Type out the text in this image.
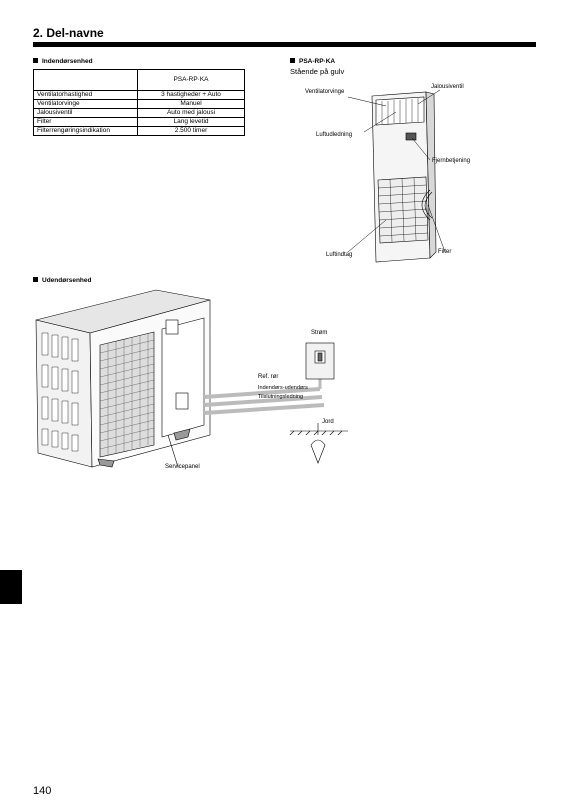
2. Del-navne
Indendørsenhed
	PSA-RP·KA
Ventilatorhastighed	3 hastigheder + Auto
Ventilatorvinge	Manuel
Jalousiventil	Auto med jalousi
Filter	Lang levetid
Filterrengøringsindikation	2.500 timer
PSA-RP·KA
Stående på gulv
Ventilatorvinge
Jalousiventil
Luftudledning
Fjernbetjening
Luftindtag	Filter
Udendørsenhed
Strøm
Ref. rør
Indendørs-udendørs
Tilslutningsledning
Jord
Servicepanel
140
